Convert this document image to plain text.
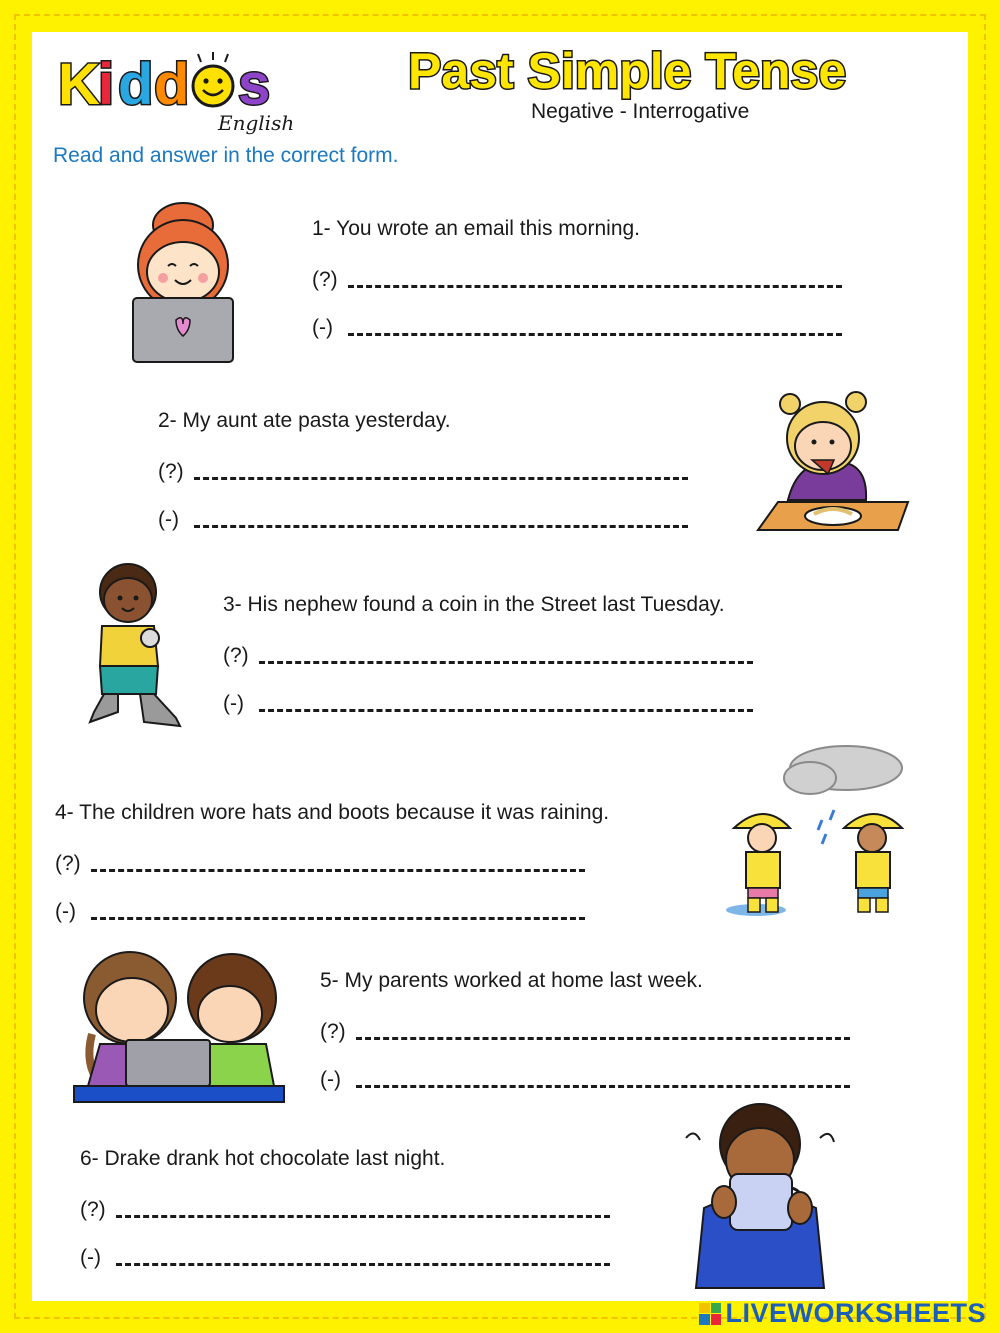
K
i d d s
English
Past Simple Tense
Negative - Interrogative
Read and answer in the correct form.
1- You wrote an email this morning.
(?)
(-)
2- My aunt ate pasta yesterday.
(?)
(-)
3- His nephew found a coin in the Street last Tuesday.
(?)
(-)
4- The children wore hats and boots because it was raining.
(?)
(-)
5- My parents worked at home last week.
(?)
(-)
6- Drake drank hot chocolate last night.
(?)
(-)
LIVEWORKSHEETS
